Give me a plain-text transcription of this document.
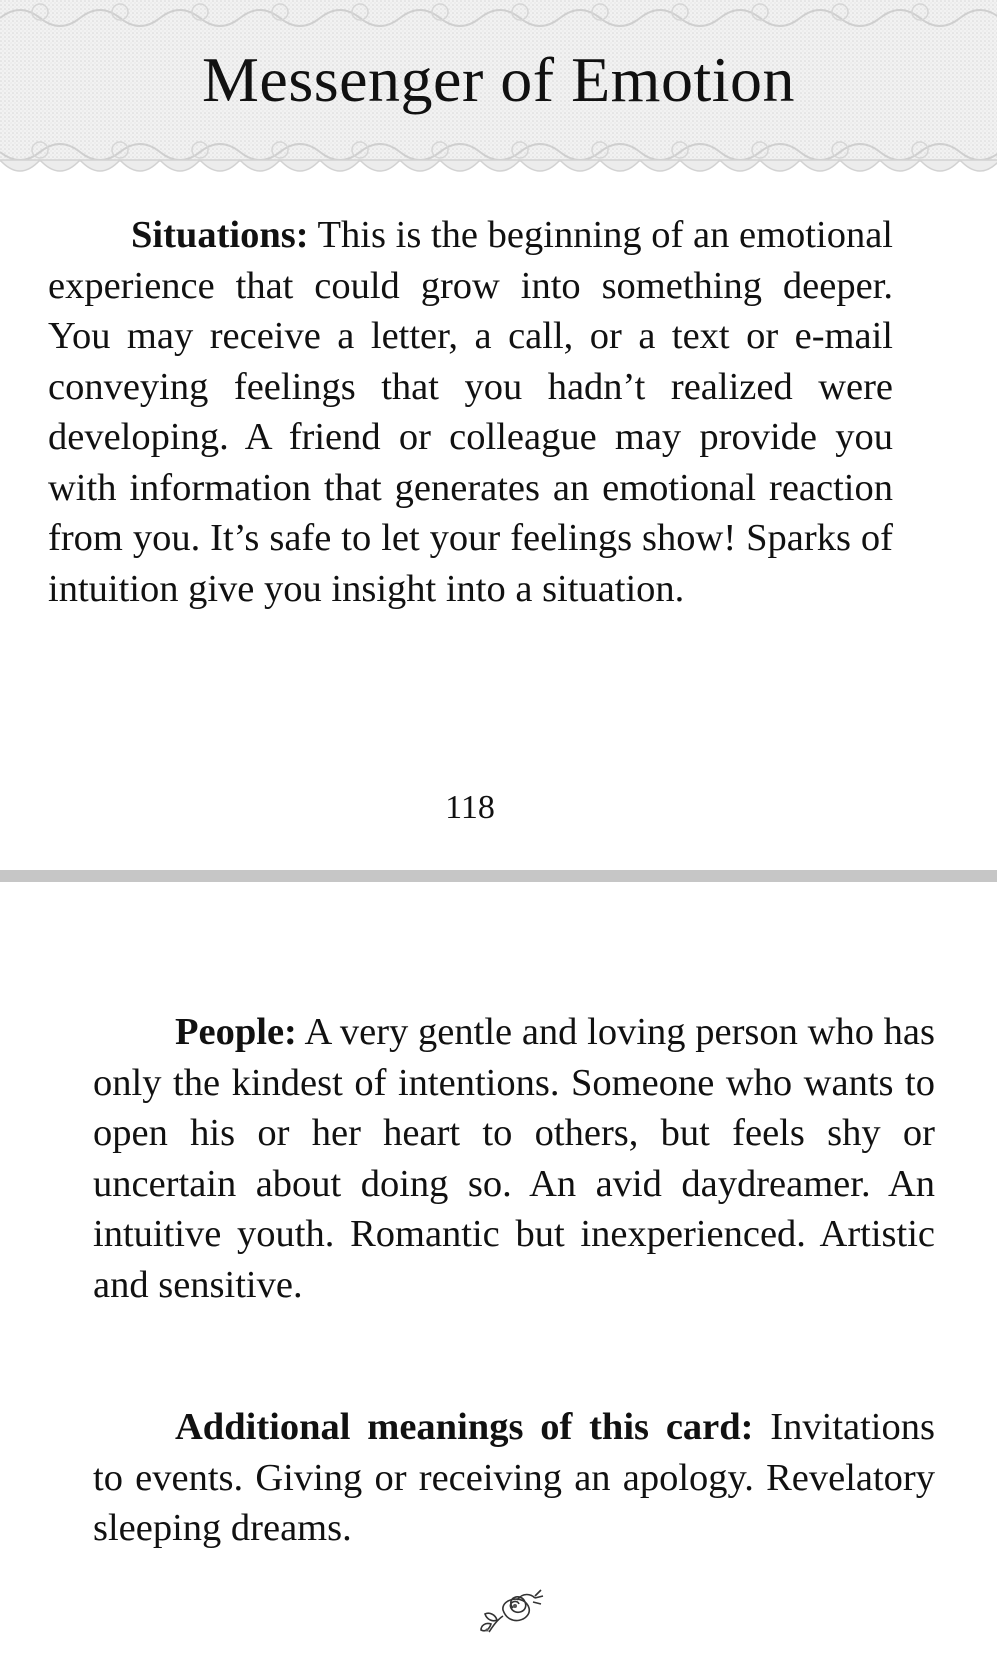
Messenger of Emotion

Situations: This is the beginning of an emotional experience that could grow into something deeper. You may receive a letter, a call, or a text or e-mail conveying feelings that you hadn’t realized were developing. A friend or colleague may provide you with information that generates an emotional reaction from you. It’s safe to let your feelings show! Sparks of intuition give you insight into a situation.

118

People: A very gentle and loving person who has only the kindest of intentions. Someone who wants to open his or her heart to others, but feels shy or uncertain about doing so. An avid daydreamer. An intuitive youth. Romantic but inexperienced. Artistic and sensitive.

Additional meanings of this card: Invitations to events. Giving or receiving an apology. Revelatory sleeping dreams.
